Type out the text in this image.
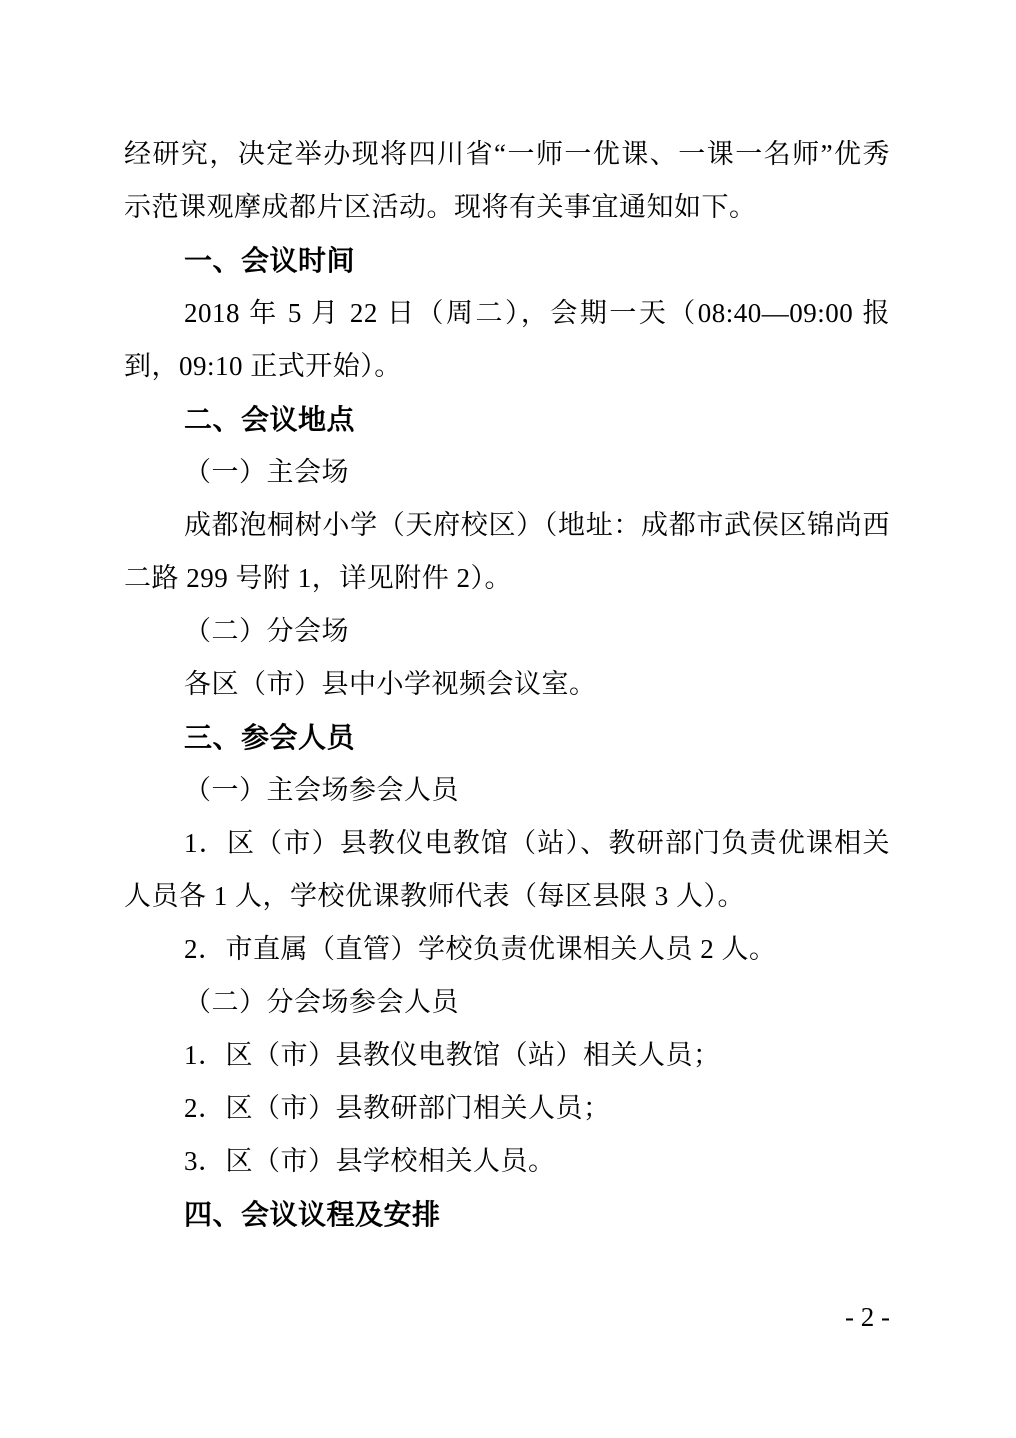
经研究，决定举办现将四川省“一师一优课、一课一名师”优秀示范课观摩成都片区活动。现将有关事宜通知如下。

一、会议时间

2018 年 5 月 22 日（周二），会期一天（08:40—09:00 报到，09:10 正式开始）。

二、会议地点

（一）主会场

成都泡桐树小学（天府校区）（地址：成都市武侯区锦尚西二路 299 号附 1，详见附件 2）。

（二）分会场

各区（市）县中小学视频会议室。

三、参会人员

（一）主会场参会人员

1．区（市）县教仪电教馆（站）、教研部门负责优课相关人员各 1 人，学校优课教师代表（每区县限 3 人）。

2．市直属（直管）学校负责优课相关人员 2 人。

（二）分会场参会人员

1．区（市）县教仪电教馆（站）相关人员；

2．区（市）县教研部门相关人员；

3．区（市）县学校相关人员。

四、会议议程及安排

- 2 -
